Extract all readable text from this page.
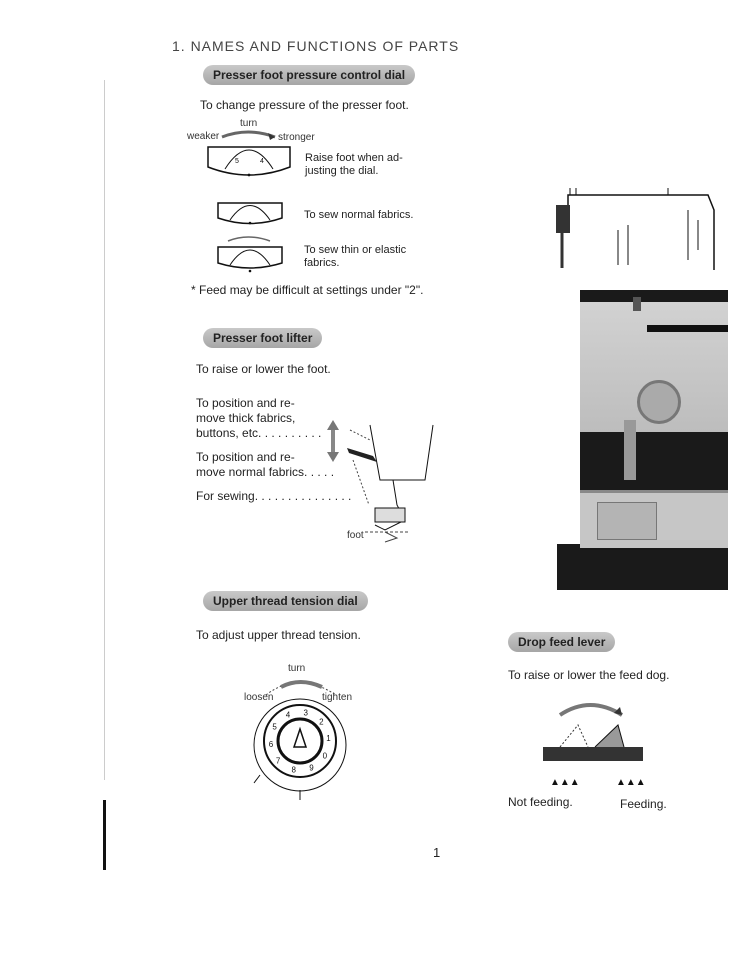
1. NAMES AND FUNCTIONS OF PARTS
Presser foot pressure control dial
To change pressure of the presser foot.
turn
weaker	stronger
5	4	Raise foot when ad-
justing the dial.
To sew normal fabrics.
To sew thin or elastic
fabrics.
* Feed may be difficult at settings under "2".
Presser foot lifter
To raise or lower the foot.
To position and re-
move thick fabrics,
buttons, etc. . . . . . . . . .
To position and re-
move normal fabrics. . . . .
For sewing. . . . . . . . . . . . . . .
foot
Upper thread tension dial
To adjust upper thread tension.
turn
loosen	tighten
5
4 3
2
1
0
9
8
7
6
Drop feed lever
To raise or lower the feed dog.
▲▲▲	▲▲▲
Not feeding.	Feeding.
1
